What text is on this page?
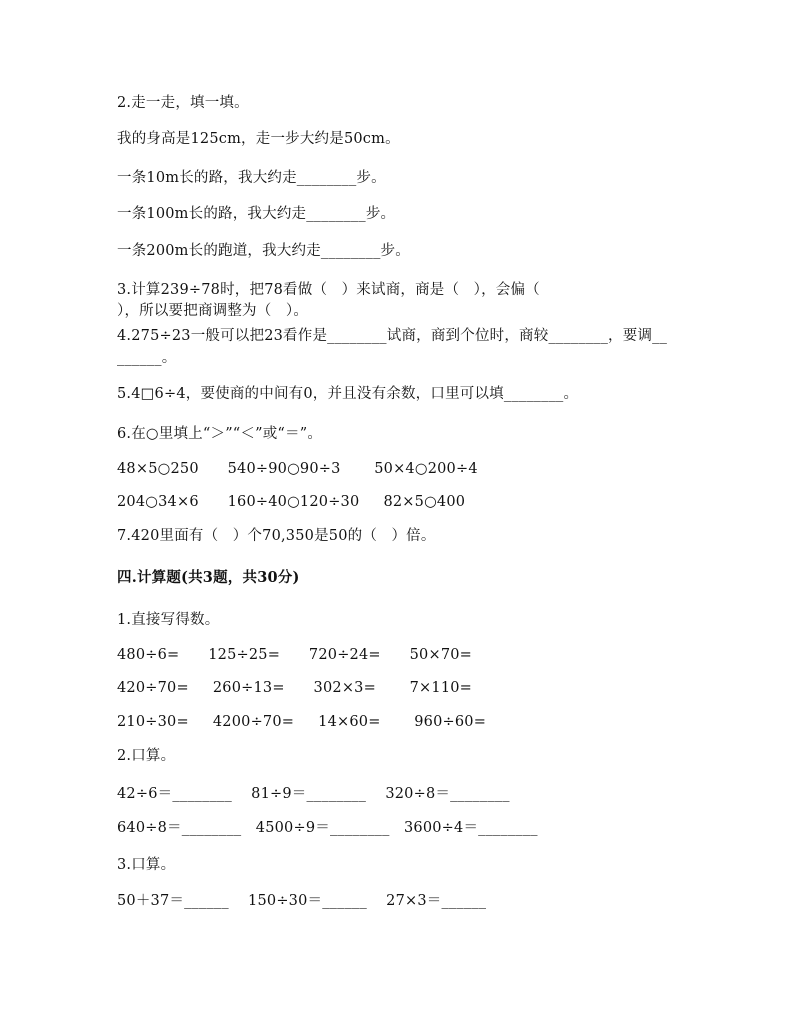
2.走一走，填一填。
我的身高是125cm，走一步大约是50cm。
一条10m长的路，我大约走________步。
一条100m长的路，我大约走________步。
一条200m长的跑道，我大约走________步。
3.计算239÷78时，把78看做（   ）来试商，商是（   ），会偏（
），所以要把商调整为（   ）。
4.275÷23一般可以把23看作是________试商，商到个位时，商较________，要调__
______。
5.4□6÷4，要使商的中间有0，并且没有余数，口里可以填________。
6.在○里填上“＞”“＜”或“＝”。
48×5○250      540÷90○90÷3       50×4○200÷4
204○34×6      160÷40○120÷30     82×5○400
7.420里面有（   ）个70,350是50的（   ）倍。
四.计算题(共3题，共30分)
1.直接写得数。
480÷6=      125÷25=      720÷24=      50×70=
420÷70=     260÷13=      302×3=       7×110=
210÷30=     4200÷70=     14×60=       960÷60=
2.口算。
42÷6＝________    81÷9＝________    320÷8＝________
640÷8＝________   4500÷9＝________   3600÷4＝________
3.口算。
50＋37＝______    150÷30＝______    27×3＝______
